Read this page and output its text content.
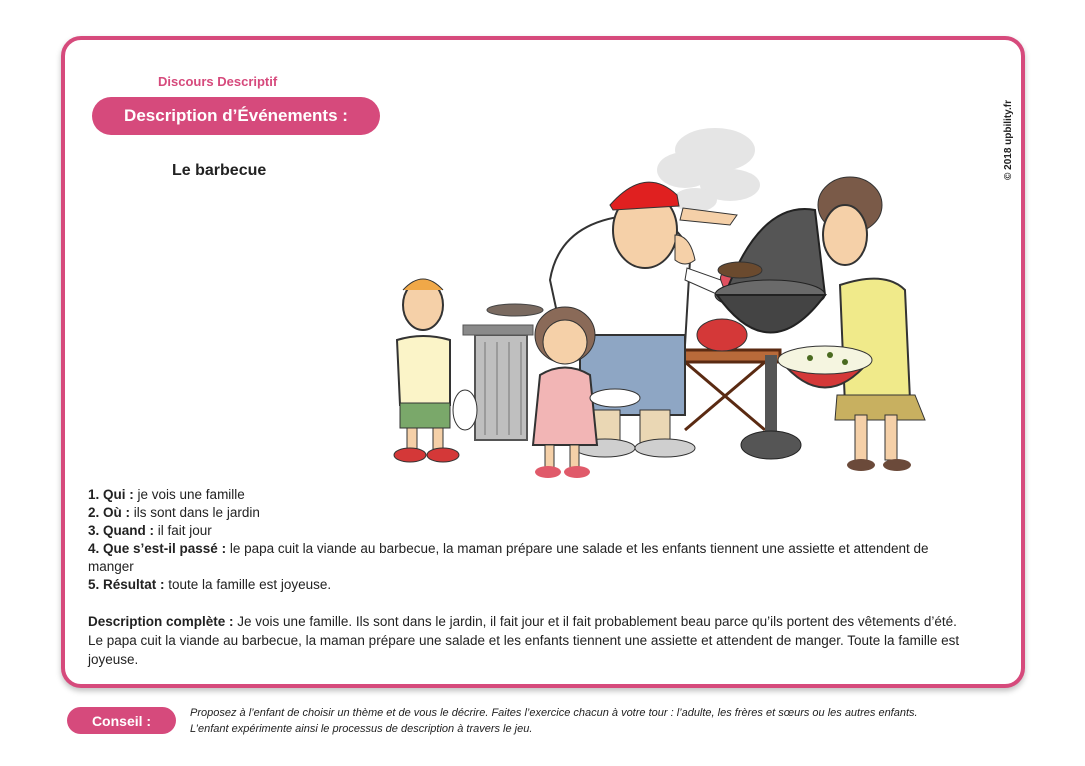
Discours Descriptif
Description d’Événements :
Le barbecue	© 2018 upbility.fr

1. Qui : je vois une famille

2. Où : ils sont dans le jardin

3. Quand : il fait jour

4. Que s’est-il passé : le papa cuit la viande au barbecue, la maman prépare une salade et les enfants tiennent une assiette et attendent de manger

5. Résultat : toute la famille est joyeuse.

Description complète : Je vois une famille. Ils sont dans le jardin, il fait jour et il fait probablement beau parce qu’ils portent des vêtements d’été. Le papa cuit la viande au barbecue, la maman prépare une salade et les enfants tiennent une assiette et attendent de manger. Toute la famille est joyeuse.
Conseil :	Proposez à l’enfant de choisir un thème et de vous le décrire. Faites l’exercice chacun à votre tour : l’adulte, les frères et sœurs ou les autres enfants.
L’enfant expérimente ainsi le processus de description à travers le jeu.
